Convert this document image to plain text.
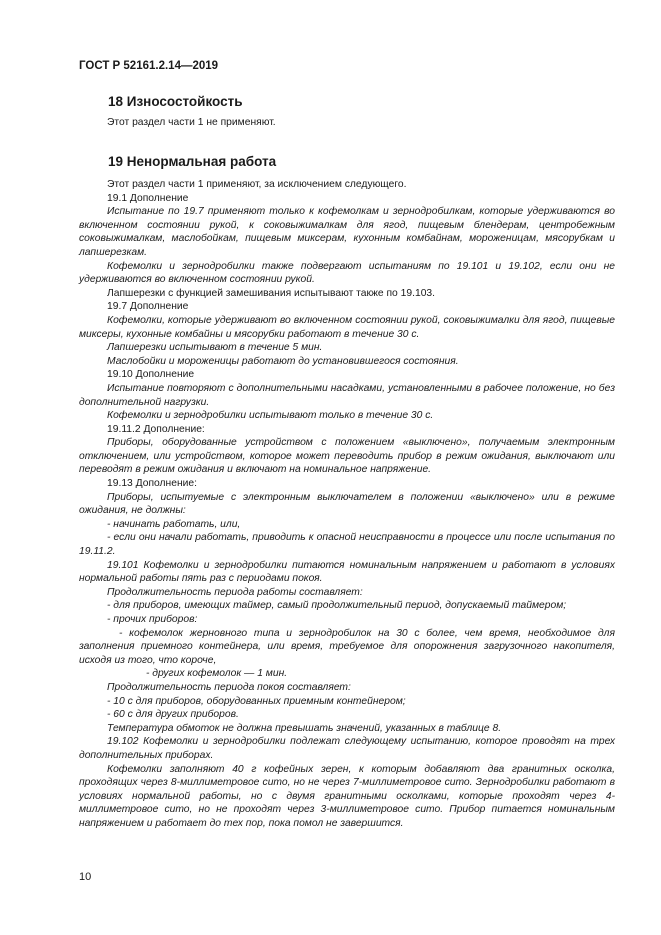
ГОСТ Р 52161.2.14—2019
18 Износостойкость

Этот раздел части 1 не применяют.

19 Ненормальная работа

Этот раздел части 1 применяют, за исключением следующего.

19.1 Дополнение

Испытание по 19.7 применяют только к кофемолкам и зернодробилкам, которые удерживаются во включенном состоянии рукой, к соковыжималкам для ягод, пищевым блендерам, центробежным соковыжималкам, маслобойкам, пищевым миксерам, кухонным комбайнам, мороженицам, мясорубкам и лапшерезкам.

Кофемолки и зернодробилки также подвергают испытаниям по 19.101 и 19.102, если они не удерживаются во включенном состоянии рукой.

Лапшерезки с функцией замешивания испытывают также по 19.103.

19.7 Дополнение

Кофемолки, которые удерживают во включенном состоянии рукой, соковыжималки для ягод, пищевые миксеры, кухонные комбайны и мясорубки работают в течение 30 с.

Лапшерезки испытывают в течение 5 мин.

Маслобойки и мороженицы работают до установившегося состояния.

19.10 Дополнение

Испытание повторяют с дополнительными насадками, установленными в рабочее положение, но без дополнительной нагрузки.

Кофемолки и зернодробилки испытывают только в течение 30 с.

19.11.2 Дополнение:

Приборы, оборудованные устройством с положением «выключено», получаемым электронным отключением, или устройством, которое может переводить прибор в режим ожидания, выключают или переводят в режим ожидания и включают на номинальное напряжение.

19.13 Дополнение:

Приборы, испытуемые с электронным выключателем в положении «выключено» или в режиме ожидания, не должны:

- начинать работать, или,

- если они начали работать, приводить к опасной неисправности в процессе или после испытания по 19.11.2.

19.101 Кофемолки и зернодробилки питаются номинальным напряжением и работают в условиях нормальной работы пять раз с периодами покоя.

Продолжительность периода работы составляет:

- для приборов, имеющих таймер, самый продолжительный период, допускаемый таймером;

- прочих приборов:

- кофемолок жерновного типа и зернодробилок на 30 с более, чем время, необходимое для заполнения приемного контейнера, или время, требуемое для опорожнения загрузочного накопителя, исходя из того, что короче,

- других кофемолок — 1 мин.

Продолжительность периода покоя составляет:

- 10 с для приборов, оборудованных приемным контейнером;

- 60 с для других приборов.

Температура обмоток не должна превышать значений, указанных в таблице 8.

19.102 Кофемолки и зернодробилки подлежат следующему испытанию, которое проводят на трех дополнительных приборах.

Кофемолки заполняют 40 г кофейных зерен, к которым добавляют два гранитных осколка, проходящих через 8-миллиметровое сито, но не через 7-миллиметровое сито. Зернодробилки работают в условиях нормальной работы, но с двумя гранитными осколками, которые проходят через 4-миллиметровое сито, но не проходят через 3-миллиметровое сито. Прибор питается номинальным напряжением и работает до тех пор, пока помол не завершится.

10
